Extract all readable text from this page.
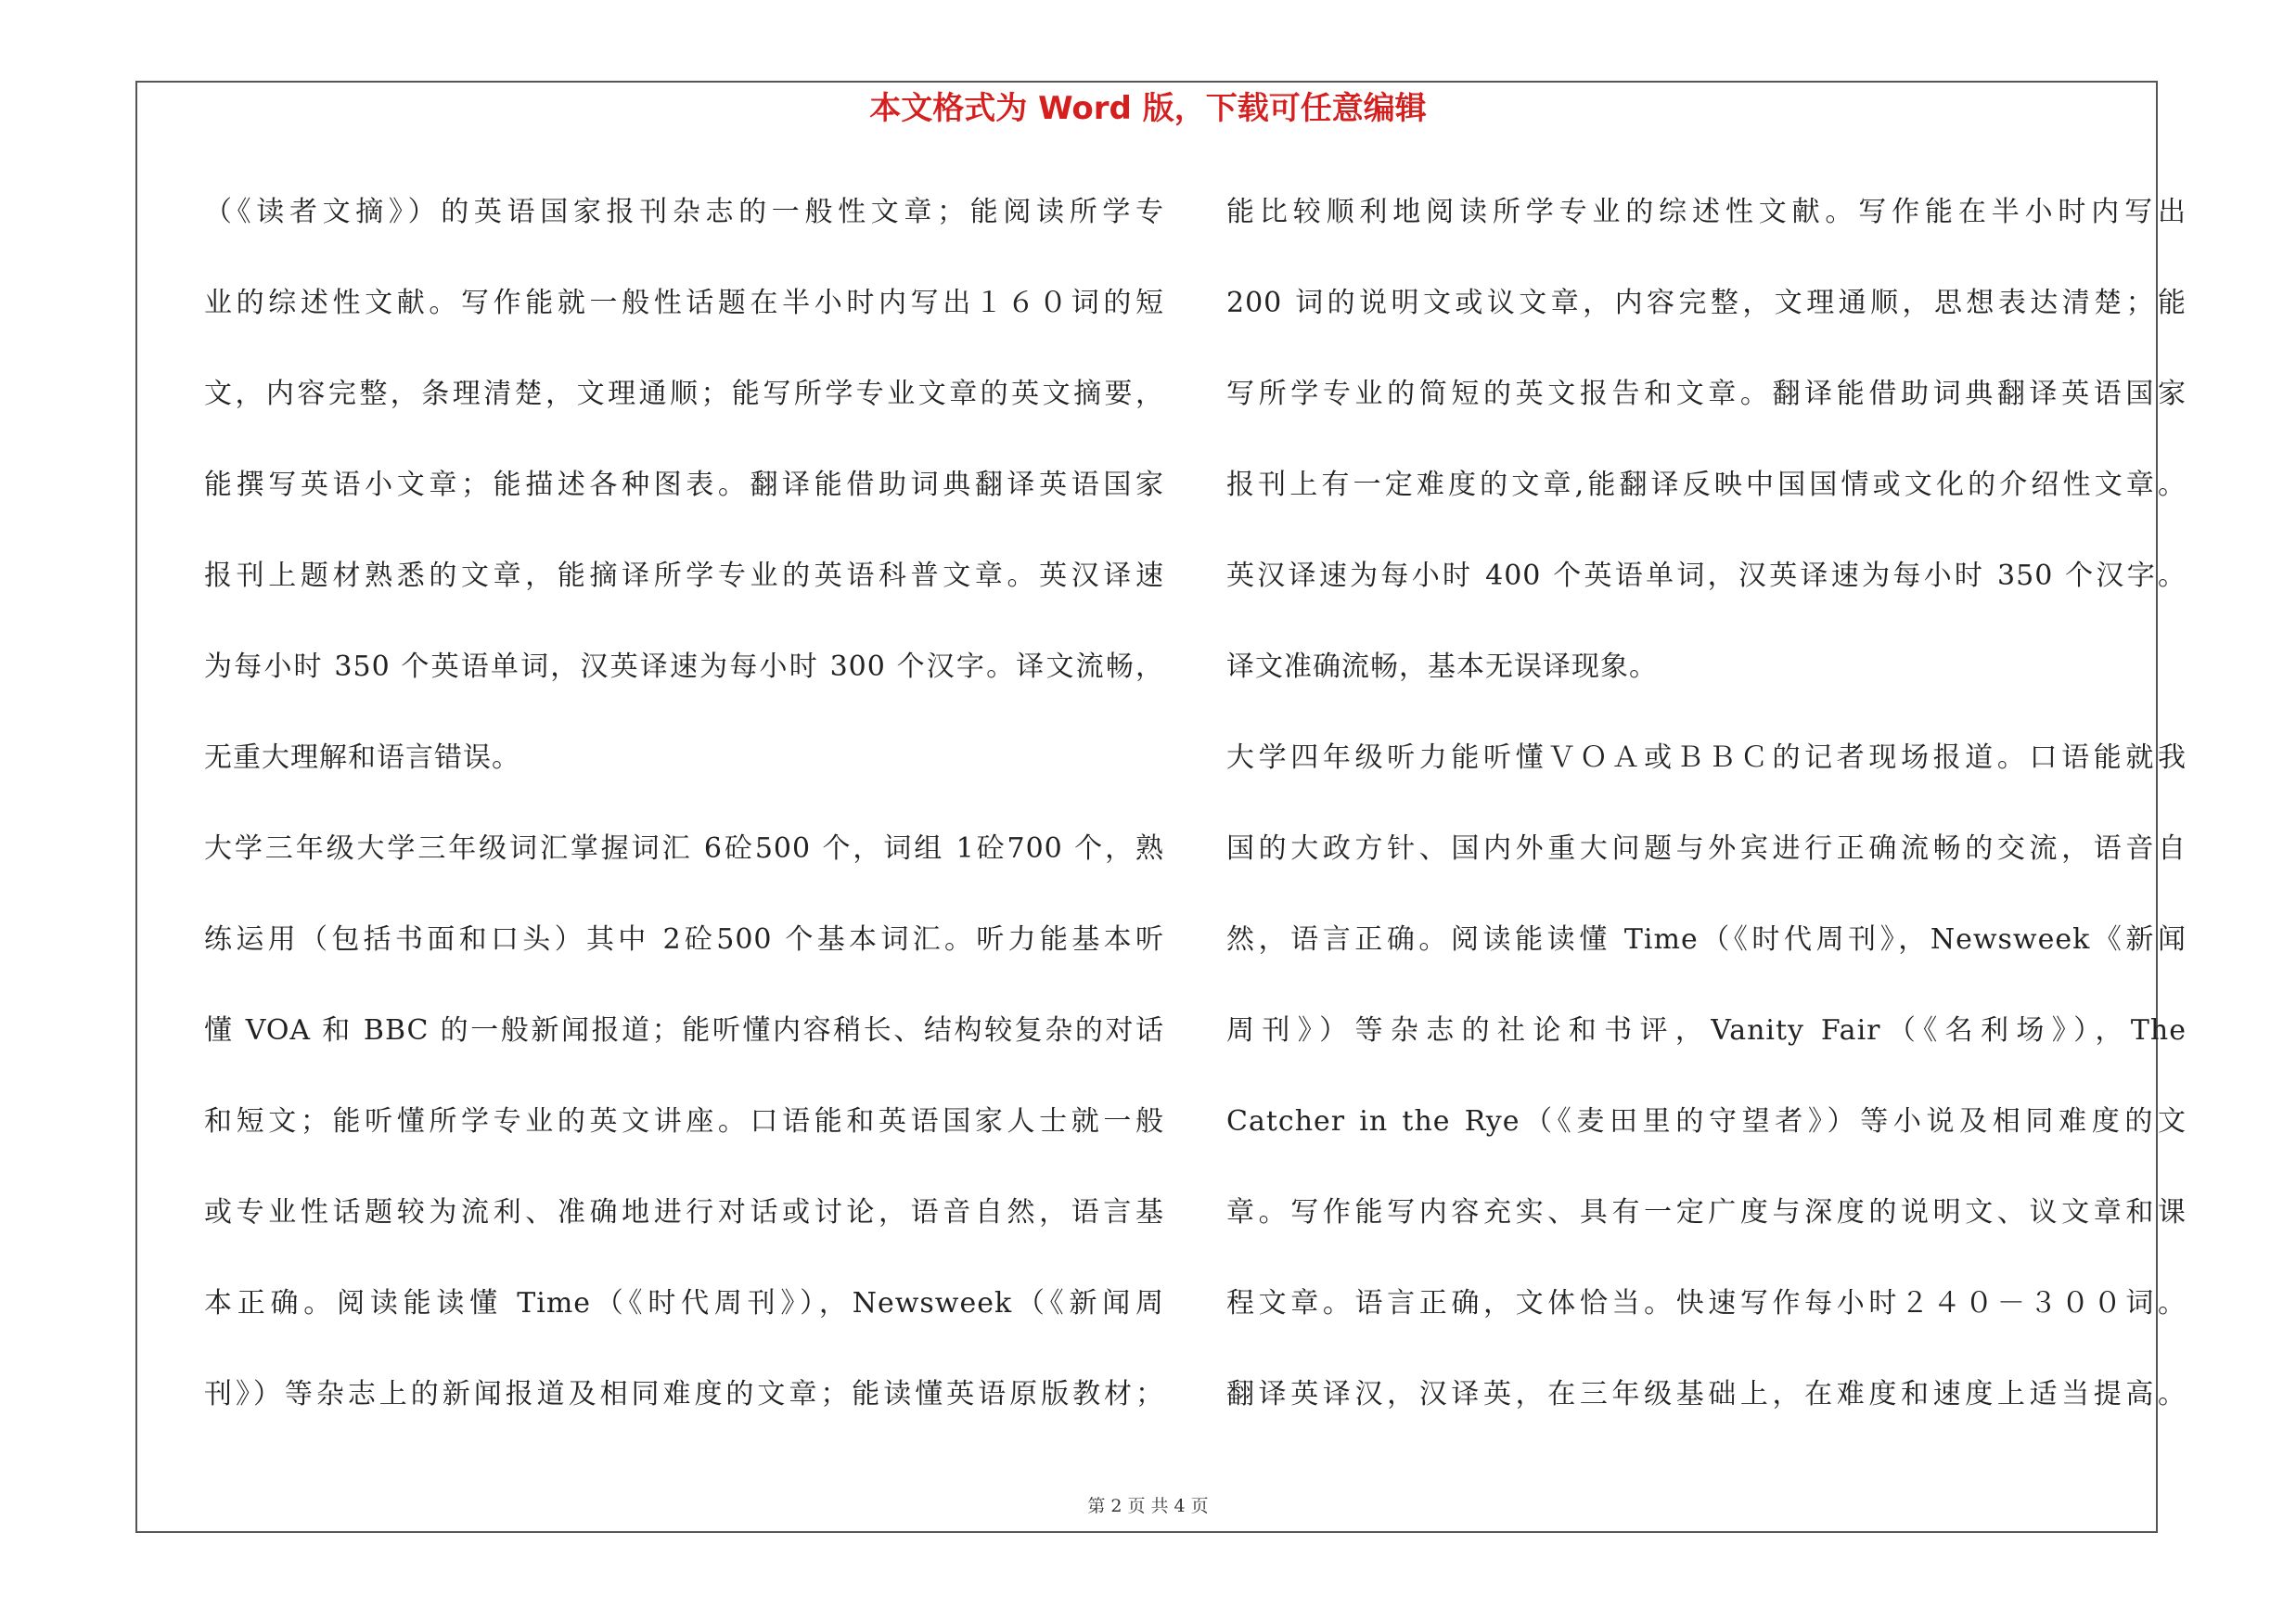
本文格式为 Word 版，下载可任意编辑
（《读者文摘》）的英语国家报刊杂志的一般性文章；能阅读所学专
业的综述性文献。写作能就一般性话题在半小时内写出１６０词的短
文，内容完整，条理清楚，文理通顺；能写所学专业文章的英文摘要，
能撰写英语小文章；能描述各种图表。翻译能借助词典翻译英语国家
报刊上题材熟悉的文章，能摘译所学专业的英语科普文章。英汉译速
为每小时 350 个英语单词，汉英译速为每小时 300 个汉字。译文流畅，
无重大理解和语言错误。
大学三年级大学三年级词汇掌握词汇 6砼500 个，词组 1砼700 个，熟
练运用（包括书面和口头）其中 2砼500 个基本词汇。听力能基本听
懂 VOA 和 BBC 的一般新闻报道；能听懂内容稍长、结构较复杂的对话
和短文；能听懂所学专业的英文讲座。口语能和英语国家人士就一般
或专业性话题较为流利、准确地进行对话或讨论，语音自然，语言基
本正确。阅读能读懂 Time（《时代周刊》），Newsweek（《新闻周
刊》）等杂志上的新闻报道及相同难度的文章；能读懂英语原版教材；
能比较顺利地阅读所学专业的综述性文献。写作能在半小时内写出
200 词的说明文或议文章，内容完整，文理通顺，思想表达清楚；能
写所学专业的简短的英文报告和文章。翻译能借助词典翻译英语国家
报刊上有一定难度的文章,能翻译反映中国国情或文化的介绍性文章。
英汉译速为每小时 400 个英语单词，汉英译速为每小时 350 个汉字。
译文准确流畅，基本无误译现象。
大学四年级听力能听懂ＶＯＡ或ＢＢＣ的记者现场报道。口语能就我
国的大政方针、国内外重大问题与外宾进行正确流畅的交流，语音自
然，语言正确。阅读能读懂 Time（《时代周刊》，Newsweek《新闻
周刊》）等杂志的社论和书评，Vanity Fair（《名利场》），The
Catcher in the Rye（《麦田里的守望者》）等小说及相同难度的文
章。写作能写内容充实、具有一定广度与深度的说明文、议文章和课
程文章。语言正确，文体恰当。快速写作每小时２４０－３００词。
翻译英译汉，汉译英，在三年级基础上，在难度和速度上适当提高。
第 2 页 共 4 页
